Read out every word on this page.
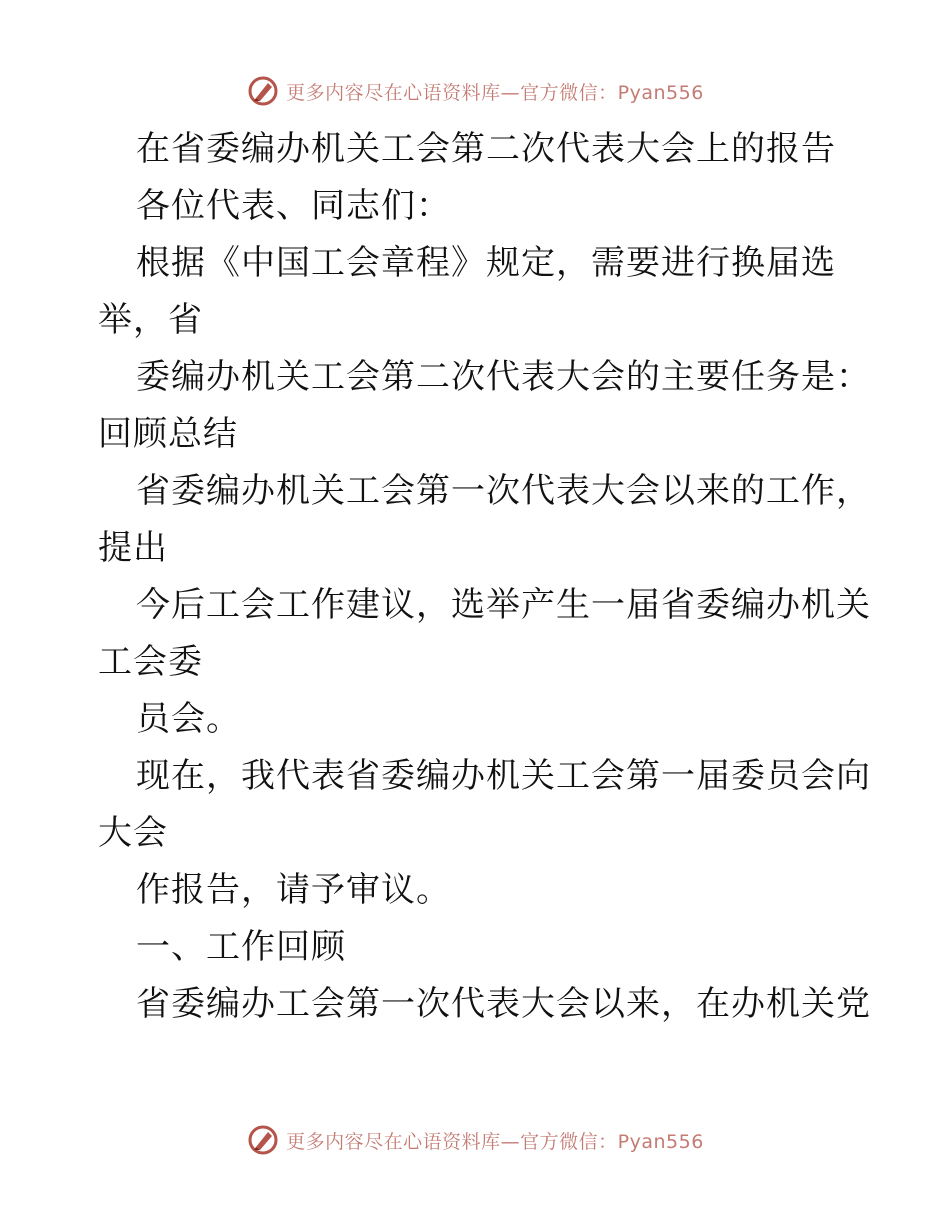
更多内容尽在心语资料库—官方微信：Pyan556
在省委编办机关工会第二次代表大会上的报告
各位代表、同志们：
根据《中国工会章程》规定，需要进行换届选
举，省
委编办机关工会第二次代表大会的主要任务是：
回顾总结
省委编办机关工会第一次代表大会以来的工作，
提出
今后工会工作建议，选举产生一届省委编办机关
工会委
员会。
现在，我代表省委编办机关工会第一届委员会向
大会
作报告，请予审议。
一、工作回顾
省委编办工会第一次代表大会以来，在办机关党
更多内容尽在心语资料库—官方微信：Pyan556
